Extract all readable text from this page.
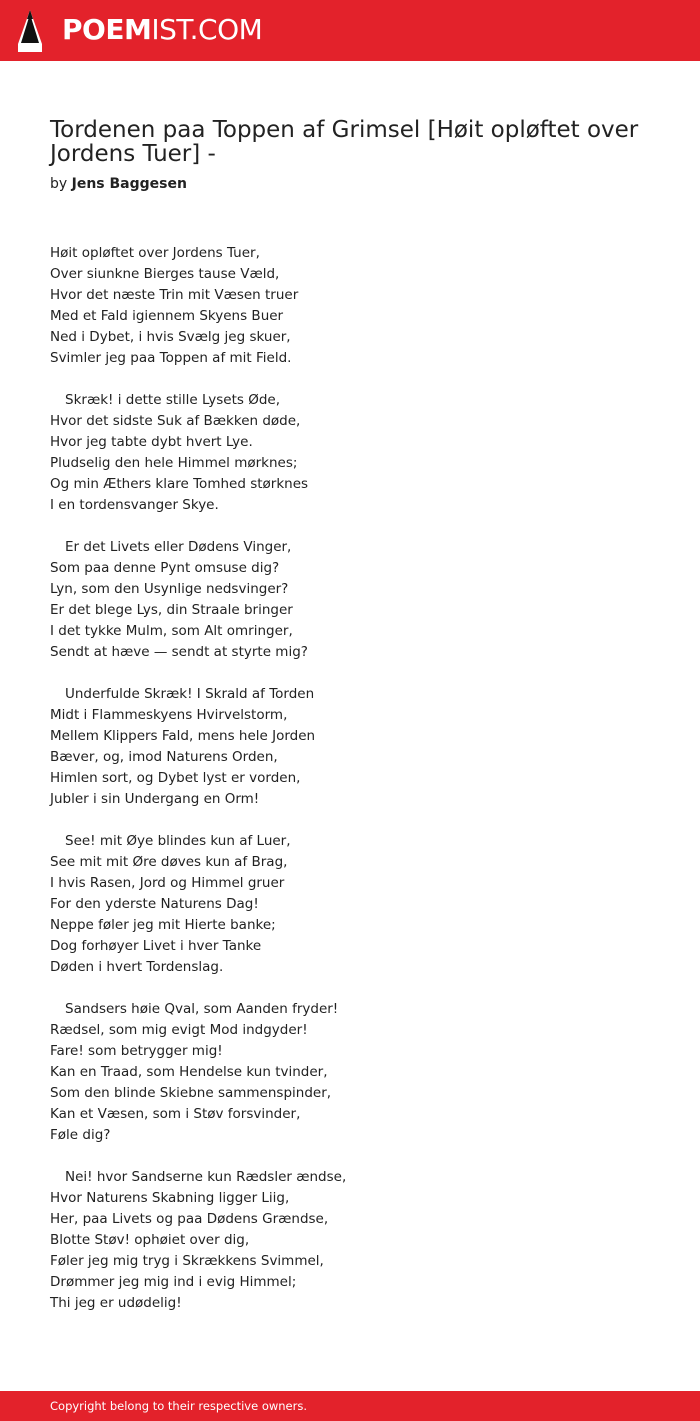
POEMIST.COM
Tordenen paa Toppen af Grimsel [Høit opløftet over Jordens Tuer] -
by Jens Baggesen
Høit opløftet over Jordens Tuer,
Over siunkne Bierges tause Væld,
Hvor det næste Trin mit Væsen truer
Med et Fald igiennem Skyens Buer
Ned i Dybet, i hvis Svælg jeg skuer,
Svimler jeg paa Toppen af mit Field.
Skræk! i dette stille Lysets Øde,
Hvor det sidste Suk af Bækken døde,
Hvor jeg tabte dybt hvert Lye.
Pludselig den hele Himmel mørknes;
Og min Æthers klare Tomhed størknes
I en tordensvanger Skye.
Er det Livets eller Dødens Vinger,
Som paa denne Pynt omsuse dig?
Lyn, som den Usynlige nedsvinger?
Er det blege Lys, din Straale bringer
I det tykke Mulm, som Alt omringer,
Sendt at hæve — sendt at styrte mig?
Underfulde Skræk! I Skrald af Torden
Midt i Flammeskyens Hvirvelstorm,
Mellem Klippers Fald, mens hele Jorden
Bæver, og, imod Naturens Orden,
Himlen sort, og Dybet lyst er vorden,
Jubler i sin Undergang en Orm!
See! mit Øye blindes kun af Luer,
See mit mit Øre døves kun af Brag,
I hvis Rasen, Jord og Himmel gruer
For den yderste Naturens Dag!
Neppe føler jeg mit Hierte banke;
Dog forhøyer Livet i hver Tanke
Døden i hvert Tordenslag.
Sandsers høie Qval, som Aanden fryder!
Rædsel, som mig evigt Mod indgyder!
Fare! som betrygger mig!
Kan en Traad, som Hendelse kun tvinder,
Som den blinde Skiebne sammenspinder,
Kan et Væsen, som i Støv forsvinder,
Føle dig?
Nei! hvor Sandserne kun Rædsler ændse,
Hvor Naturens Skabning ligger Liig,
Her, paa Livets og paa Dødens Grændse,
Blotte Støv! ophøiet over dig,
Føler jeg mig tryg i Skrækkens Svimmel,
Drømmer jeg mig ind i evig Himmel;
Thi jeg er udødelig!
Copyright belong to their respective owners.
